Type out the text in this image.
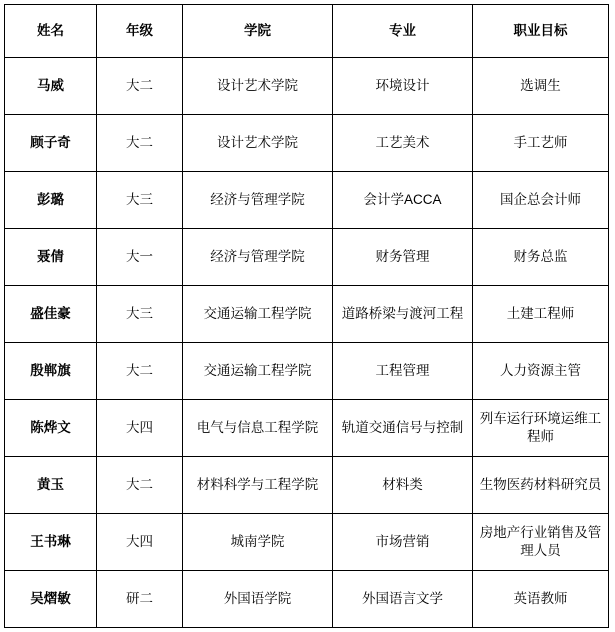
姓名	年级	学院	专业	职业目标
马威	大二	设计艺术学院	环境设计	选调生
顾子奇	大二	设计艺术学院	工艺美术	手工艺师
彭璐	大三	经济与管理学院	会计学ACCA	国企总会计师
聂倩	大一	经济与管理学院	财务管理	财务总监
盛佳豪	大三	交通运输工程学院	道路桥梁与渡河工程	土建工程师
殷郸旗	大二	交通运输工程学院	工程管理	人力资源主管
陈烨文	大四	电气与信息工程学院	轨道交通信号与控制	列车运行环境运维工程师
黄玉	大二	材料科学与工程学院	材料类	生物医药材料研究员
王书琳	大四	城南学院	市场营销	房地产行业销售及管理人员
吴熠敏	研二	外国语学院	外国语言文学	英语教师
